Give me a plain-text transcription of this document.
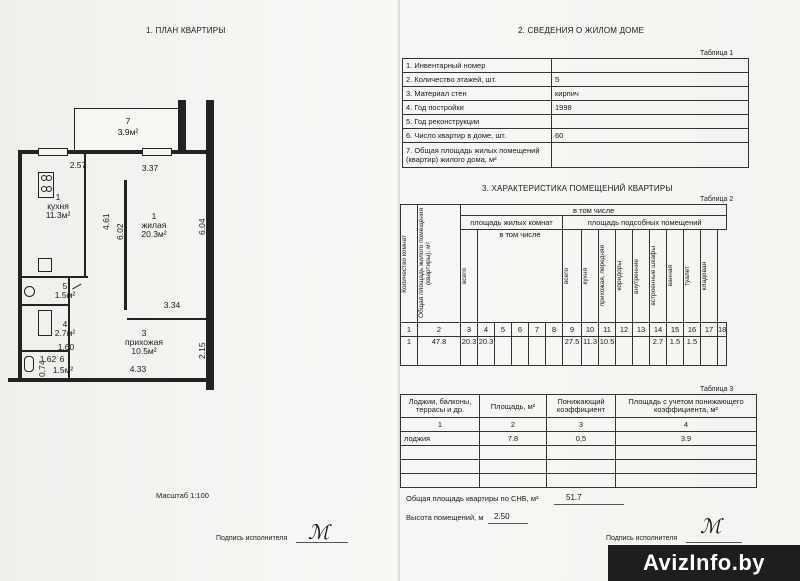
1. ПЛАН КВАРТИРЫ
7
3.9м²
1
кухня
11.3м²	1
жилая
20.3м²
3
прихожая
10.5м²
5
1.5м²
4
2.7м²
6
1.5м²
2.57	3.37
4.61
6.02	6.04
3.34
2.15
4.33
1.60
1.62
0.74
Масштаб 1:100
Подпись исполнителя ℳ
2. СВЕДЕНИЯ О ЖИЛОМ ДОМЕ
Таблица 1
1. Инвентарный номер	
2. Количество этажей, шт.	5
3. Материал стен	кирпич
4. Год постройки	1998
5. Год реконструкции	
6. Число квартир в доме, шт.	60
7. Общая площадь жилых помещений (квартир) жилого дома, м²	
3. ХАРАКТЕРИСТИКА ПОМЕЩЕНИЙ КВАРТИРЫ
Таблица 2
Количество комнат	Общая площадь жилого помещения (квартиры), м²	в том числе															
		площадь жилых комнат						площадь подсобных помещений									

		всего	в том числе					всего	кухня	прихожая, передняя	коридоры	внутренние	встроенные шкафы	ванная	туалет	кладовая	

1	2	3	4	5	6	7	8	9	10	11	12	13	14	15	16	17	18
1	47.8	20.3	20.3					27.5	11.3	10.5			2.7	1.5	1.5		
Таблица 3
Лоджии, балконы, террасы и др.	Площадь, м²	Понижающий коэффициент	Площадь с учетом понижающего коэффициента, м²
1	2	3	4
лоджия	7.8	0,5	3.9

Общая площадь квартиры по СНБ, м²	51.7
Высота помещений, м 2.50
Подпись исполнителя
ℳ
AvizInfo.by
